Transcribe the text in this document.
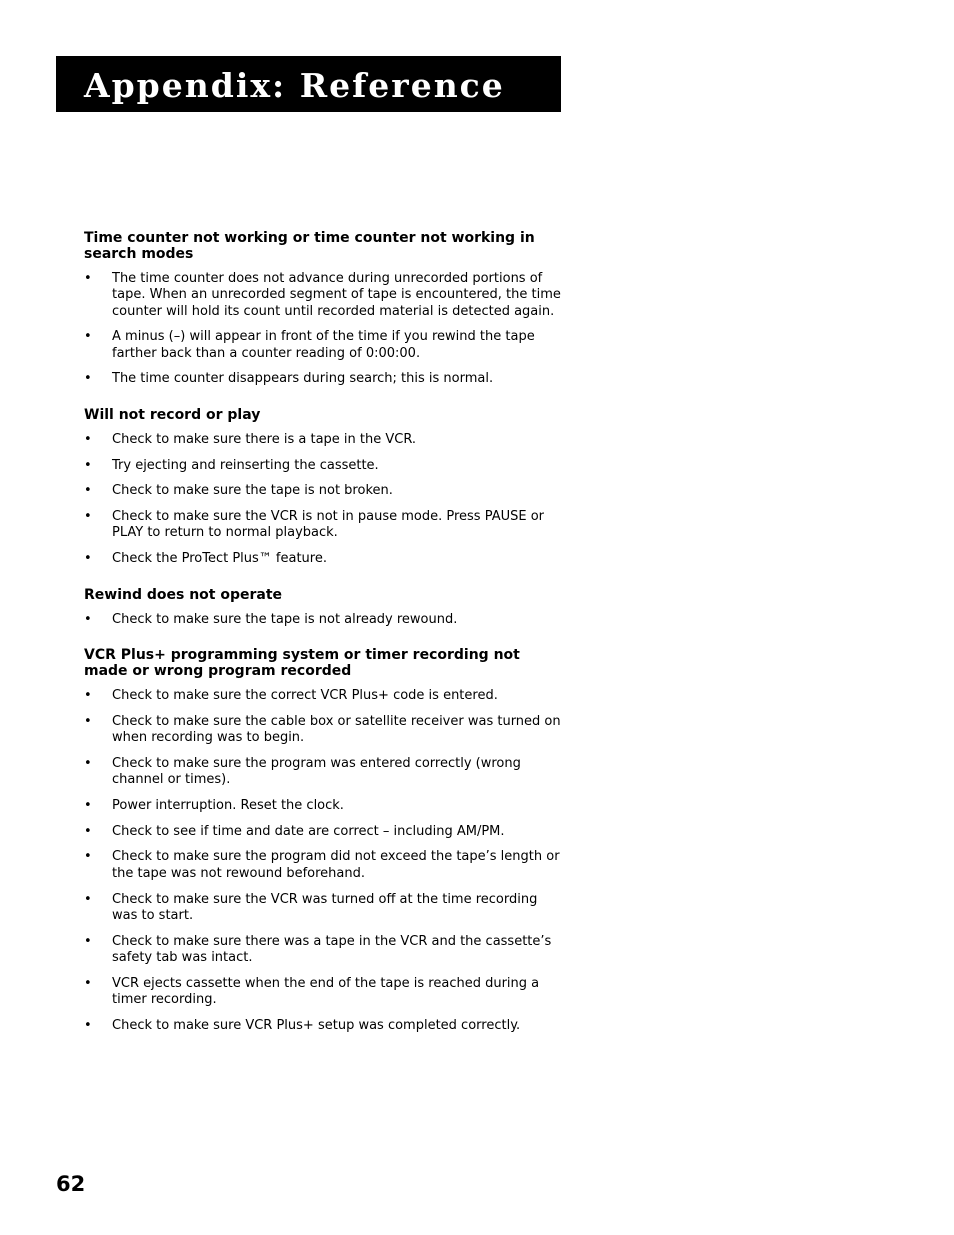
Appendix: Reference
Time counter not working or time counter not working in search modes
• The time counter does not advance during unrecorded portions of tape. When an unrecorded segment of tape is encountered, the time counter will hold its count until recorded material is detected again.
• A minus (–) will appear in front of the time if you rewind the tape farther back than a counter reading of 0:00:00.
• The time counter disappears during search; this is normal.
Will not record or play
• Check to make sure there is a tape in the VCR.
• Try ejecting and reinserting the cassette.
• Check to make sure the tape is not broken.
• Check to make sure the VCR is not in pause mode. Press PAUSE or PLAY to return to normal playback.
• Check the ProTect Plus™ feature.
Rewind does not operate
• Check to make sure the tape is not already rewound.
VCR Plus+ programming system or timer recording not made or wrong program recorded
• Check to make sure the correct VCR Plus+ code is entered.
• Check to make sure the cable box or satellite receiver was turned on when recording was to begin.
• Check to make sure the program was entered correctly (wrong channel or times).
• Power interruption. Reset the clock.
• Check to see if time and date are correct – including AM/PM.
• Check to make sure the program did not exceed the tape’s length or the tape was not rewound beforehand.
• Check to make sure the VCR was turned off at the time recording was to start.
• Check to make sure there was a tape in the VCR and the cassette’s safety tab was intact.
• VCR ejects cassette when the end of the tape is reached during a timer recording.
• Check to make sure VCR Plus+ setup was completed correctly.
62
